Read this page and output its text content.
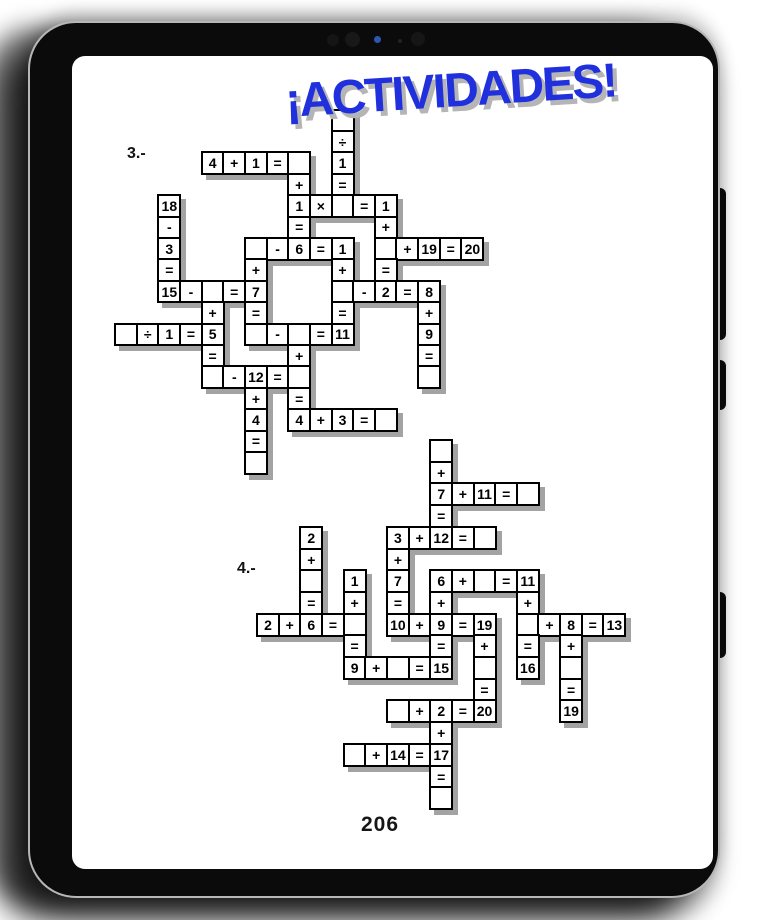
3.-
4.-
206
÷
4 + 1 =	1
+	=
18	1 ×	= 1
-	=	+
3	-	6 = 1	+ 19 = 20
=	+	+	=
15 -	= 7	-	2 = 8
+	=	=	+
÷ 1 = 5	-	= 11	9
=	+	=
- 12 =
+	=
4	4 + 3 =
=
+
7 + 11 =
=
2	3 + 12 =
+	+
1	7	6 +	= 11
=	+	=	+	+
2 + 6 =	10 + 9 = 19	+ 8 = 13
=	=	+	=	+
9 +	= 15	16
=	=
+ 2 = 20	19
+
+ 14 = 17
=
¡ACTIVIDADES!
